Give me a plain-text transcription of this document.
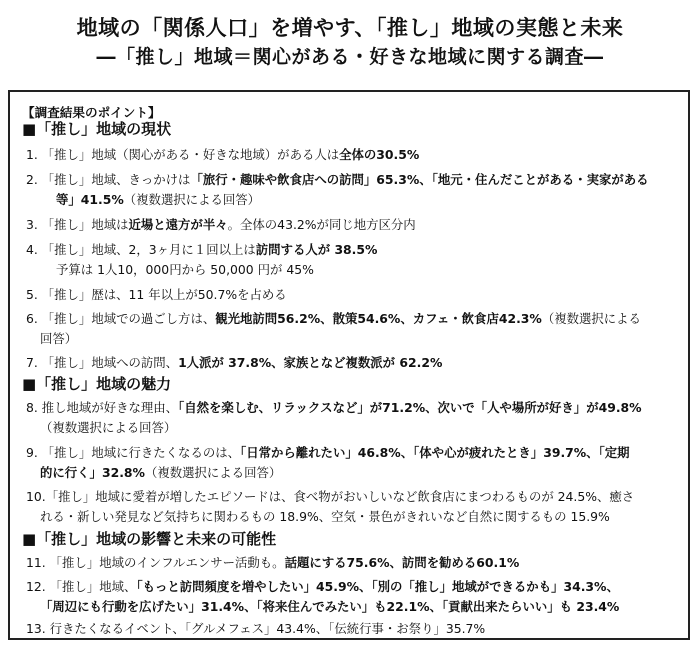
地域の「関係人口」を増やす、「推し」地域の実態と未来
―「推し」地域＝関心がある・好きな地域に関する調査―
【調査結果のポイント】
■「推し」地域の現状
1. 「推し」地域（関心がある・好きな地域）がある人は全体の30.5%
2. 「推し」地域、きっかけは「旅行・趣味や飲食店への訪問」65.3%、「地元・住んだことがある・実家がある
等」41.5%（複数選択による回答）
3. 「推し」地域は近場と遠方が半々。全体の43.2%が同じ地方区分内
4. 「推し」地域、2，3ヶ月に１回以上は訪問する人が 38.5%
予算は 1人10，000円から 50,000 円が 45%
5. 「推し」歴は、11 年以上が50.7%を占める
6. 「推し」地域での過ごし方は、観光地訪問56.2%、散策54.6%、カフェ・飲食店42.3%（複数選択による
回答）
7. 「推し」地域への訪問、1人派が 37.8%、家族となど複数派が 62.2%
■「推し」地域の魅力
8. 推し地域が好きな理由、「自然を楽しむ、リラックスなど」が71.2%、次いで「人や場所が好き」が49.8%
（複数選択による回答）
9. 「推し」地域に行きたくなるのは、「日常から離れたい」46.8%、「体や心が疲れたとき」39.7%、「定期
的に行く」32.8%（複数選択による回答）
10.「推し」地域に愛着が増したエピソードは、食べ物がおいしいなど飲食店にまつわるものが 24.5%、癒さ
れる・新しい発見など気持ちに関わるもの 18.9%、空気・景色がきれいなど自然に関するもの 15.9%
■「推し」地域の影響と未来の可能性
11. 「推し」地域のインフルエンサー活動も。話題にする75.6%、訪問を勧める60.1%
12. 「推し」地域、「もっと訪問頻度を増やしたい」45.9%、「別の「推し」地域ができるかも」34.3%、
「周辺にも行動を広げたい」31.4%、「将来住んでみたい」も22.1%、「貢献出来たらいい」も 23.4%
13. 行きたくなるイベント、「グルメフェス」43.4%、「伝統行事・お祭り」35.7%
